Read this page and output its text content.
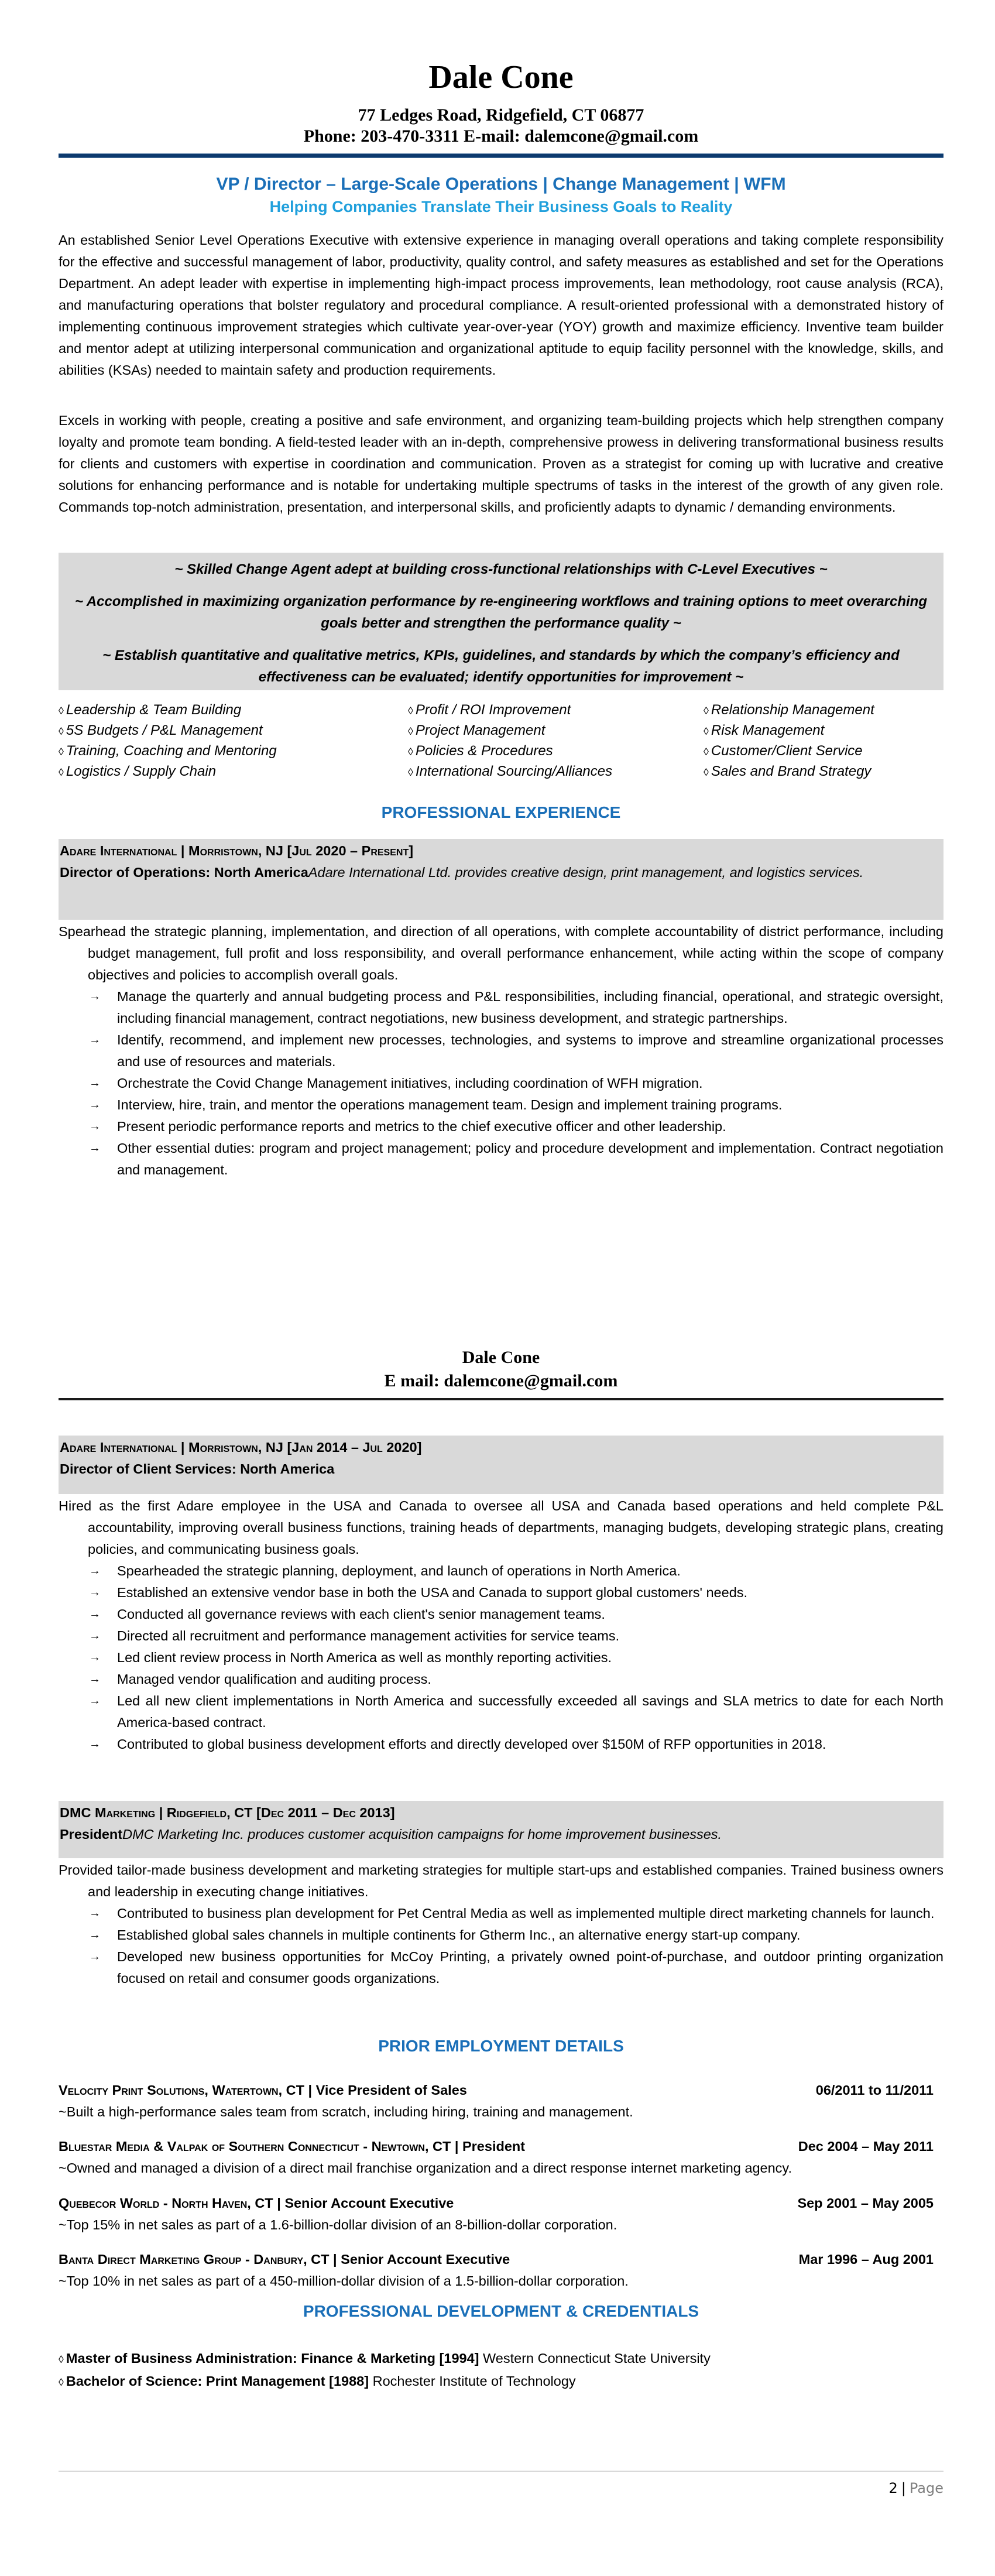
Dale Cone
77 Ledges Road, Ridgefield, CT 06877
Phone: 203-470-3311 E-mail: dalemcone@gmail.com
VP / Director – Large-Scale Operations | Change Management | WFM
Helping Companies Translate Their Business Goals to Reality
An established Senior Level Operations Executive with extensive experience in managing overall operations and taking complete responsibility for the effective and successful management of labor, productivity, quality control, and safety measures as established and set for the Operations Department. An adept leader with expertise in implementing high-impact process improvements, lean methodology, root cause analysis (RCA), and manufacturing operations that bolster regulatory and procedural compliance. A result-oriented professional with a demonstrated history of implementing continuous improvement strategies which cultivate year-over-year (YOY) growth and maximize efficiency. Inventive team builder and mentor adept at utilizing interpersonal communication and organizational aptitude to equip facility personnel with the knowledge, skills, and abilities (KSAs) needed to maintain safety and production requirements.
Excels in working with people, creating a positive and safe environment, and organizing team-building projects which help strengthen company loyalty and promote team bonding. A field-tested leader with an in-depth, comprehensive prowess in delivering transformational business results for clients and customers with expertise in coordination and communication. Proven as a strategist for coming up with lucrative and creative solutions for enhancing performance and is notable for undertaking multiple spectrums of tasks in the interest of the growth of any given role. Commands top-notch administration, presentation, and interpersonal skills, and proficiently adapts to dynamic / demanding environments.
~ Skilled Change Agent adept at building cross-functional relationships with C-Level Executives ~
~ Accomplished in maximizing organization performance by re-engineering workflows and training options to meet overarching goals better and strengthen the performance quality ~
~ Establish quantitative and qualitative metrics, KPIs, guidelines, and standards by which the company’s efficiency and effectiveness can be evaluated; identify opportunities for improvement ~
◊ Leadership & Team Building	◊ Profit / ROI Improvement	◊ Relationship Management
◊ 5S Budgets / P&L Management	◊ Project Management	◊ Risk Management
◊ Training, Coaching and Mentoring	◊ Policies & Procedures	◊ Customer/Client Service
◊ Logistics / Supply Chain	◊ International Sourcing/Alliances	◊ Sales and Brand Strategy
PROFESSIONAL EXPERIENCE
Adare International | Morristown, NJ [Jul 2020 – Present]
Director of Operations: North AmericaAdare International Ltd. provides creative design, print management, and logistics services.
Spearhead the strategic planning, implementation, and direction of all operations, with complete accountability of district performance, including budget management, full profit and loss responsibility, and overall performance enhancement, while acting within the scope of company objectives and policies to accomplish overall goals.
→ Manage the quarterly and annual budgeting process and P&L responsibilities, including financial, operational, and strategic oversight, including financial management, contract negotiations, new business development, and strategic partnerships.
→ Identify, recommend, and implement new processes, technologies, and systems to improve and streamline organizational processes and use of resources and materials.
→ Orchestrate the Covid Change Management initiatives, including coordination of WFH migration.
→ Interview, hire, train, and mentor the operations management team. Design and implement training programs.
→ Present periodic performance reports and metrics to the chief executive officer and other leadership.
→ Other essential duties: program and project management; policy and procedure development and implementation. Contract negotiation and management.
Dale Cone
E mail: dalemcone@gmail.com
Adare International | Morristown, NJ [Jan 2014 – Jul 2020]
Director of Client Services: North America
Hired as the first Adare employee in the USA and Canada to oversee all USA and Canada based operations and held complete P&L accountability, improving overall business functions, training heads of departments, managing budgets, developing strategic plans, creating policies, and communicating business goals.
→ Spearheaded the strategic planning, deployment, and launch of operations in North America.
→ Established an extensive vendor base in both the USA and Canada to support global customers' needs.
→ Conducted all governance reviews with each client's senior management teams.
→ Directed all recruitment and performance management activities for service teams.
→ Led client review process in North America as well as monthly reporting activities.
→ Managed vendor qualification and auditing process.
→ Led all new client implementations in North America and successfully exceeded all savings and SLA metrics to date for each North America-based contract.
→ Contributed to global business development efforts and directly developed over $150M of RFP opportunities in 2018.
DMC Marketing | Ridgefield, CT [Dec 2011 – Dec 2013]
PresidentDMC Marketing Inc. produces customer acquisition campaigns for home improvement businesses.
Provided tailor-made business development and marketing strategies for multiple start-ups and established companies. Trained business owners and leadership in executing change initiatives.
→ Contributed to business plan development for Pet Central Media as well as implemented multiple direct marketing channels for launch.
→ Established global sales channels in multiple continents for Gtherm Inc., an alternative energy start-up company.
→ Developed new business opportunities for McCoy Printing, a privately owned point-of-purchase, and outdoor printing organization focused on retail and consumer goods organizations.
PRIOR EMPLOYMENT DETAILS
Velocity Print Solutions, Watertown, CT | Vice President of Sales	06/2011 to 11/2011
~Built a high-performance sales team from scratch, including hiring, training and management.
Bluestar Media & Valpak of Southern Connecticut - Newtown, CT | President	Dec 2004 – May 2011
~Owned and managed a division of a direct mail franchise organization and a direct response internet marketing agency.
Quebecor World - North Haven, CT | Senior Account Executive	Sep 2001 – May 2005
~Top 15% in net sales as part of a 1.6-billion-dollar division of an 8-billion-dollar corporation.
Banta Direct Marketing Group - Danbury, CT | Senior Account Executive	Mar 1996 – Aug 2001
~Top 10% in net sales as part of a 450-million-dollar division of a 1.5-billion-dollar corporation.
PROFESSIONAL DEVELOPMENT & CREDENTIALS
◊ Master of Business Administration: Finance & Marketing [1994] Western Connecticut State University
◊ Bachelor of Science: Print Management [1988] Rochester Institute of Technology
2 | Page
